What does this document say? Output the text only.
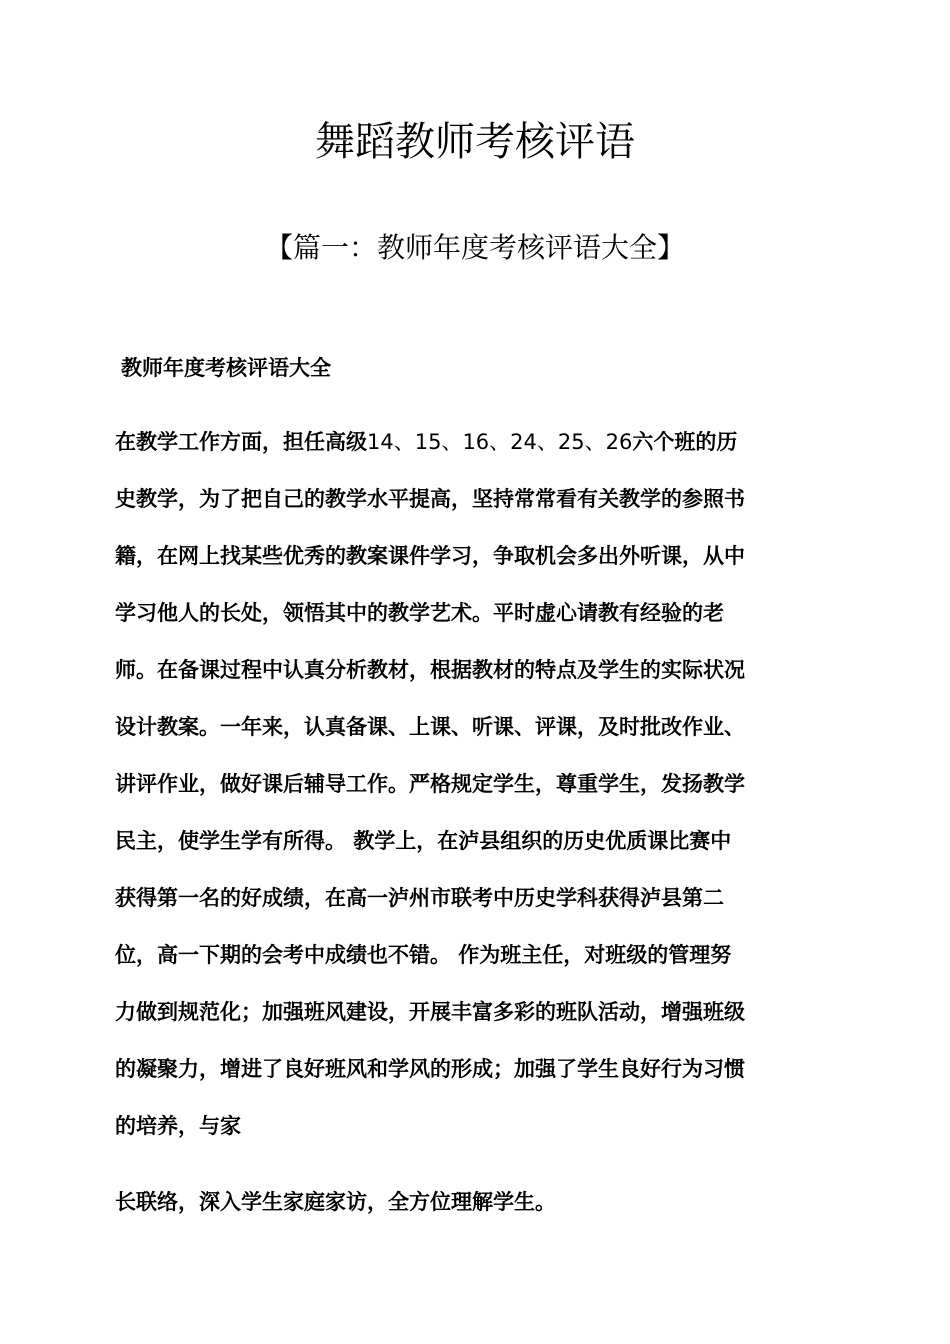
舞蹈教师考核评语
【篇一：教师年度考核评语大全】
教师年度考核评语大全
在教学工作方面，担任高级14、15、16、24、25、26六个班的历
史教学，为了把自己的教学水平提高，坚持常常看有关教学的参照书
籍，在网上找某些优秀的教案课件学习，争取机会多出外听课，从中
学习他人的长处，领悟其中的教学艺术。平时虚心请教有经验的老
师。在备课过程中认真分析教材，根据教材的特点及学生的实际状况
设计教案。一年来，认真备课、上课、听课、评课，及时批改作业、
讲评作业，做好课后辅导工作。严格规定学生，尊重学生，发扬教学
民主，使学生学有所得。 教学上，在泸县组织的历史优质课比赛中
获得第一名的好成绩，在高一泸州市联考中历史学科获得泸县第二
位，高一下期的会考中成绩也不错。 作为班主任，对班级的管理努
力做到规范化；加强班风建设，开展丰富多彩的班队活动，增强班级
的凝聚力，增进了良好班风和学风的形成；加强了学生良好行为习惯
的培养，与家

长联络，深入学生家庭家访，全方位理解学生。
